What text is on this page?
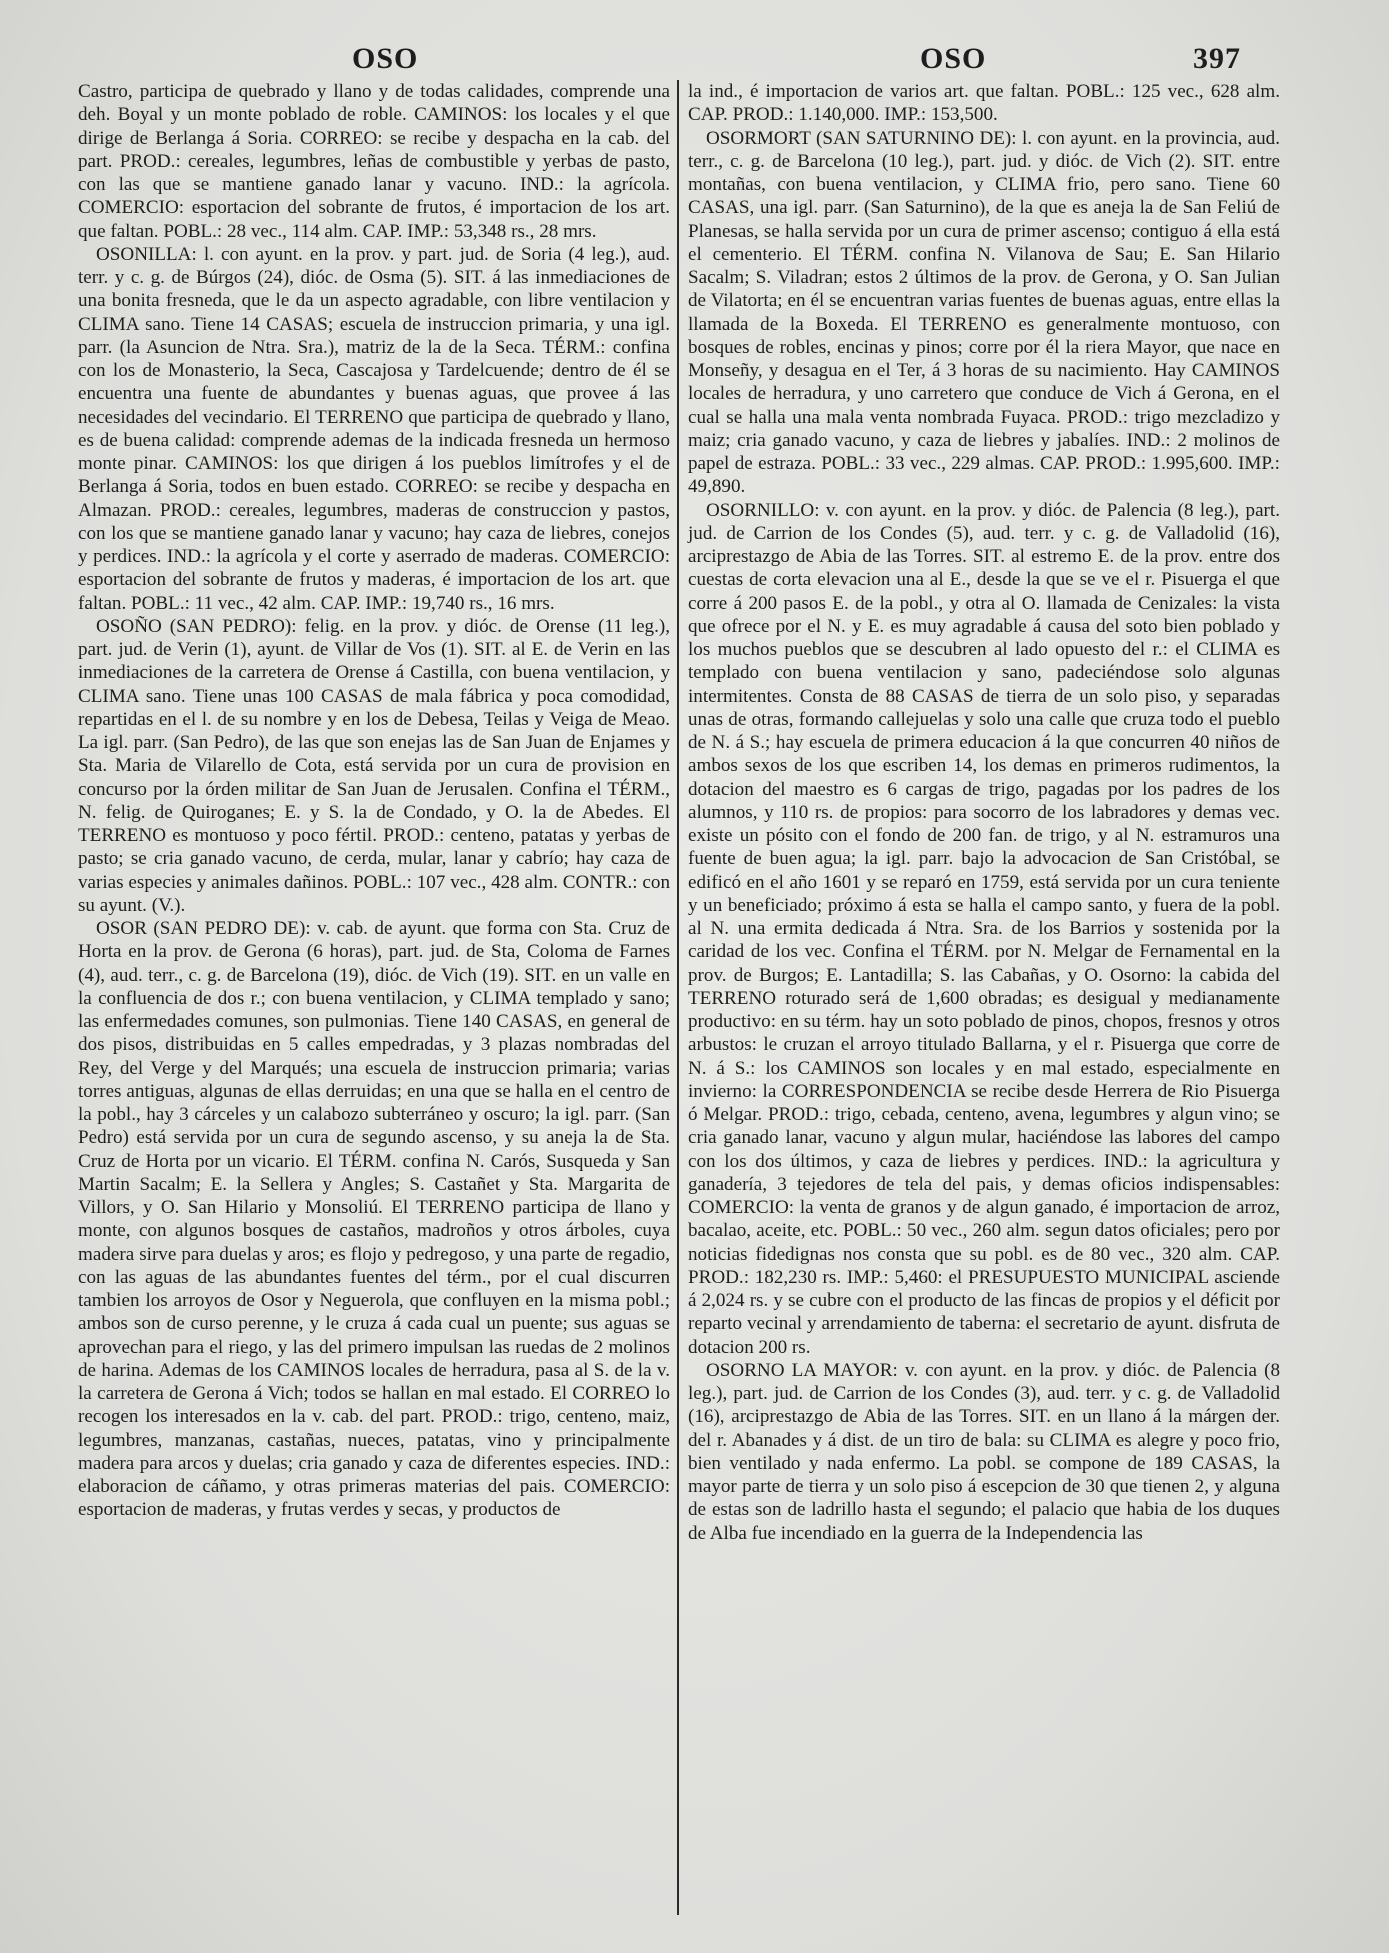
OSO	OSO	397

Castro, participa de quebrado y llano y de todas calidades, comprende una deh. Boyal y un monte poblado de roble. CAMINOS: los locales y el que dirige de Berlanga á Soria. CORREO: se recibe y despacha en la cab. del part. PROD.: cereales, legumbres, leñas de combustible y yerbas de pasto, con las que se mantiene ganado lanar y vacuno. IND.: la agrícola. COMERCIO: esportacion del sobrante de frutos, é importacion de los art. que faltan. POBL.: 28 vec., 114 alm. CAP. IMP.: 53,348 rs., 28 mrs.

OSONILLA: l. con ayunt. en la prov. y part. jud. de Soria (4 leg.), aud. terr. y c. g. de Búrgos (24), dióc. de Osma (5). SIT. á las inmediaciones de una bonita fresneda, que le da un aspecto agradable, con libre ventilacion y CLIMA sano. Tiene 14 CASAS; escuela de instruccion primaria, y una igl. parr. (la Asuncion de Ntra. Sra.), matriz de la de la Seca. TÉRM.: confina con los de Monasterio, la Seca, Cascajosa y Tardelcuende; dentro de él se encuentra una fuente de abundantes y buenas aguas, que provee á las necesidades del vecindario. El TERRENO que participa de quebrado y llano, es de buena calidad: comprende ademas de la indicada fresneda un hermoso monte pinar. CAMINOS: los que dirigen á los pueblos limítrofes y el de Berlanga á Soria, todos en buen estado. CORREO: se recibe y despacha en Almazan. PROD.: cereales, legumbres, maderas de construccion y pastos, con los que se mantiene ganado lanar y vacuno; hay caza de liebres, conejos y perdices. IND.: la agrícola y el corte y aserrado de maderas. COMERCIO: esportacion del sobrante de frutos y maderas, é importacion de los art. que faltan. POBL.: 11 vec., 42 alm. CAP. IMP.: 19,740 rs., 16 mrs.

OSOÑO (SAN PEDRO): felig. en la prov. y dióc. de Orense (11 leg.), part. jud. de Verin (1), ayunt. de Villar de Vos (1). SIT. al E. de Verin en las inmediaciones de la carretera de Orense á Castilla, con buena ventilacion, y CLIMA sano. Tiene unas 100 CASAS de mala fábrica y poca comodidad, repartidas en el l. de su nombre y en los de Debesa, Teilas y Veiga de Meao. La igl. parr. (San Pedro), de las que son enejas las de San Juan de Enjames y Sta. Maria de Vilarello de Cota, está servida por un cura de provision en concurso por la órden militar de San Juan de Jerusalen. Confina el TÉRM., N. felig. de Quiroganes; E. y S. la de Condado, y O. la de Abedes. El TERRENO es montuoso y poco fértil. PROD.: centeno, patatas y yerbas de pasto; se cria ganado vacuno, de cerda, mular, lanar y cabrío; hay caza de varias especies y animales dañinos. POBL.: 107 vec., 428 alm. CONTR.: con su ayunt. (V.).

OSOR (SAN PEDRO DE): v. cab. de ayunt. que forma con Sta. Cruz de Horta en la prov. de Gerona (6 horas), part. jud. de Sta, Coloma de Farnes (4), aud. terr., c. g. de Barcelona (19), dióc. de Vich (19). SIT. en un valle en la confluencia de dos r.; con buena ventilacion, y CLIMA templado y sano; las enfermedades comunes, son pulmonias. Tiene 140 CASAS, en general de dos pisos, distribuidas en 5 calles empedradas, y 3 plazas nombradas del Rey, del Verge y del Marqués; una escuela de instruccion primaria; varias torres antiguas, algunas de ellas derruidas; en una que se halla en el centro de la pobl., hay 3 cárceles y un calabozo subterráneo y oscuro; la igl. parr. (San Pedro) está servida por un cura de segundo ascenso, y su aneja la de Sta. Cruz de Horta por un vicario. El TÉRM. confina N. Carós, Susqueda y San Martin Sacalm; E. la Sellera y Angles; S. Castañet y Sta. Margarita de Villors, y O. San Hilario y Monsoliú. El TERRENO participa de llano y monte, con algunos bosques de castaños, madroños y otros árboles, cuya madera sirve para duelas y aros; es flojo y pedregoso, y una parte de regadio, con las aguas de las abundantes fuentes del térm., por el cual discurren tambien los arroyos de Osor y Neguerola, que confluyen en la misma pobl.; ambos son de curso perenne, y le cruza á cada cual un puente; sus aguas se aprovechan para el riego, y las del primero impulsan las ruedas de 2 molinos de harina. Ademas de los CAMINOS locales de herradura, pasa al S. de la v. la carretera de Gerona á Vich; todos se hallan en mal estado. El CORREO lo recogen los interesados en la v. cab. del part. PROD.: trigo, centeno, maiz, legumbres, manzanas, castañas, nueces, patatas, vino y principalmente madera para arcos y duelas; cria ganado y caza de diferentes especies. IND.: elaboracion de cáñamo, y otras primeras materias del pais. COMERCIO: esportacion de maderas, y frutas verdes y secas, y productos de

la ind., é importacion de varios art. que faltan. POBL.: 125 vec., 628 alm. CAP. PROD.: 1.140,000. IMP.: 153,500.

OSORMORT (SAN SATURNINO DE): l. con ayunt. en la provincia, aud. terr., c. g. de Barcelona (10 leg.), part. jud. y dióc. de Vich (2). SIT. entre montañas, con buena ventilacion, y CLIMA frio, pero sano. Tiene 60 CASAS, una igl. parr. (San Saturnino), de la que es aneja la de San Feliú de Planesas, se halla servida por un cura de primer ascenso; contiguo á ella está el cementerio. El TÉRM. confina N. Vilanova de Sau; E. San Hilario Sacalm; S. Viladran; estos 2 últimos de la prov. de Gerona, y O. San Julian de Vilatorta; en él se encuentran varias fuentes de buenas aguas, entre ellas la llamada de la Boxeda. El TERRENO es generalmente montuoso, con bosques de robles, encinas y pinos; corre por él la riera Mayor, que nace en Monseñy, y desagua en el Ter, á 3 horas de su nacimiento. Hay CAMINOS locales de herradura, y uno carretero que conduce de Vich á Gerona, en el cual se halla una mala venta nombrada Fuyaca. PROD.: trigo mezcladizo y maiz; cria ganado vacuno, y caza de liebres y jabalíes. IND.: 2 molinos de papel de estraza. POBL.: 33 vec., 229 almas. CAP. PROD.: 1.995,600. IMP.: 49,890.

OSORNILLO: v. con ayunt. en la prov. y dióc. de Palencia (8 leg.), part. jud. de Carrion de los Condes (5), aud. terr. y c. g. de Valladolid (16), arciprestazgo de Abia de las Torres. SIT. al estremo E. de la prov. entre dos cuestas de corta elevacion una al E., desde la que se ve el r. Pisuerga el que corre á 200 pasos E. de la pobl., y otra al O. llamada de Cenizales: la vista que ofrece por el N. y E. es muy agradable á causa del soto bien poblado y los muchos pueblos que se descubren al lado opuesto del r.: el CLIMA es templado con buena ventilacion y sano, padeciéndose solo algunas intermitentes. Consta de 88 CASAS de tierra de un solo piso, y separadas unas de otras, formando callejuelas y solo una calle que cruza todo el pueblo de N. á S.; hay escuela de primera educacion á la que concurren 40 niños de ambos sexos de los que escriben 14, los demas en primeros rudimentos, la dotacion del maestro es 6 cargas de trigo, pagadas por los padres de los alumnos, y 110 rs. de propios: para socorro de los labradores y demas vec. existe un pósito con el fondo de 200 fan. de trigo, y al N. estramuros una fuente de buen agua; la igl. parr. bajo la advocacion de San Cristóbal, se edificó en el año 1601 y se reparó en 1759, está servida por un cura teniente y un beneficiado; próximo á esta se halla el campo santo, y fuera de la pobl. al N. una ermita dedicada á Ntra. Sra. de los Barrios y sostenida por la caridad de los vec. Confina el TÉRM. por N. Melgar de Fernamental en la prov. de Burgos; E. Lantadilla; S. las Cabañas, y O. Osorno: la cabida del TERRENO roturado será de 1,600 obradas; es desigual y medianamente productivo: en su térm. hay un soto poblado de pinos, chopos, fresnos y otros arbustos: le cruzan el arroyo titulado Ballarna, y el r. Pisuerga que corre de N. á S.: los CAMINOS son locales y en mal estado, especialmente en invierno: la CORRESPONDENCIA se recibe desde Herrera de Rio Pisuerga ó Melgar. PROD.: trigo, cebada, centeno, avena, legumbres y algun vino; se cria ganado lanar, vacuno y algun mular, haciéndose las labores del campo con los dos últimos, y caza de liebres y perdices. IND.: la agricultura y ganadería, 3 tejedores de tela del pais, y demas oficios indispensables: COMERCIO: la venta de granos y de algun ganado, é importacion de arroz, bacalao, aceite, etc. POBL.: 50 vec., 260 alm. segun datos oficiales; pero por noticias fidedignas nos consta que su pobl. es de 80 vec., 320 alm. CAP. PROD.: 182,230 rs. IMP.: 5,460: el PRESUPUESTO MUNICIPAL asciende á 2,024 rs. y se cubre con el producto de las fincas de propios y el déficit por reparto vecinal y arrendamiento de taberna: el secretario de ayunt. disfruta de dotacion 200 rs.

OSORNO LA MAYOR: v. con ayunt. en la prov. y dióc. de Palencia (8 leg.), part. jud. de Carrion de los Condes (3), aud. terr. y c. g. de Valladolid (16), arciprestazgo de Abia de las Torres. SIT. en un llano á la márgen der. del r. Abanades y á dist. de un tiro de bala: su CLIMA es alegre y poco frio, bien ventilado y nada enfermo. La pobl. se compone de 189 CASAS, la mayor parte de tierra y un solo piso á escepcion de 30 que tienen 2, y alguna de estas son de ladrillo hasta el segundo; el palacio que habia de los duques de Alba fue incendiado en la guerra de la Independencia las
